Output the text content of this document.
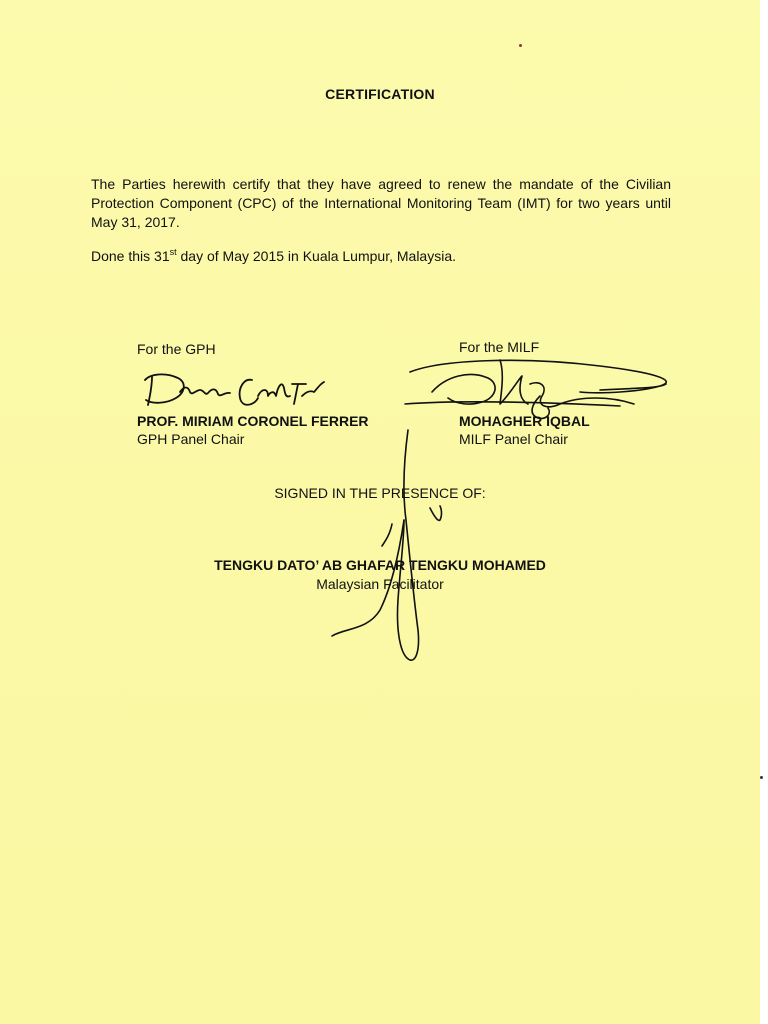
CERTIFICATION
The Parties herewith certify that they have agreed to renew the mandate of the Civilian Protection Component (CPC) of the International Monitoring Team (IMT) for two years until May 31, 2017.
Done this 31st day of May 2015 in Kuala Lumpur, Malaysia.
For the GPH	For the MILF
PROF. MIRIAM CORONEL FERRER
GPH Panel Chair
MOHAGHER IQBAL
MILF Panel Chair
SIGNED IN THE PRESENCE OF:
TENGKU DATO’ AB GHAFAR TENGKU MOHAMED
Malaysian Facilitator
